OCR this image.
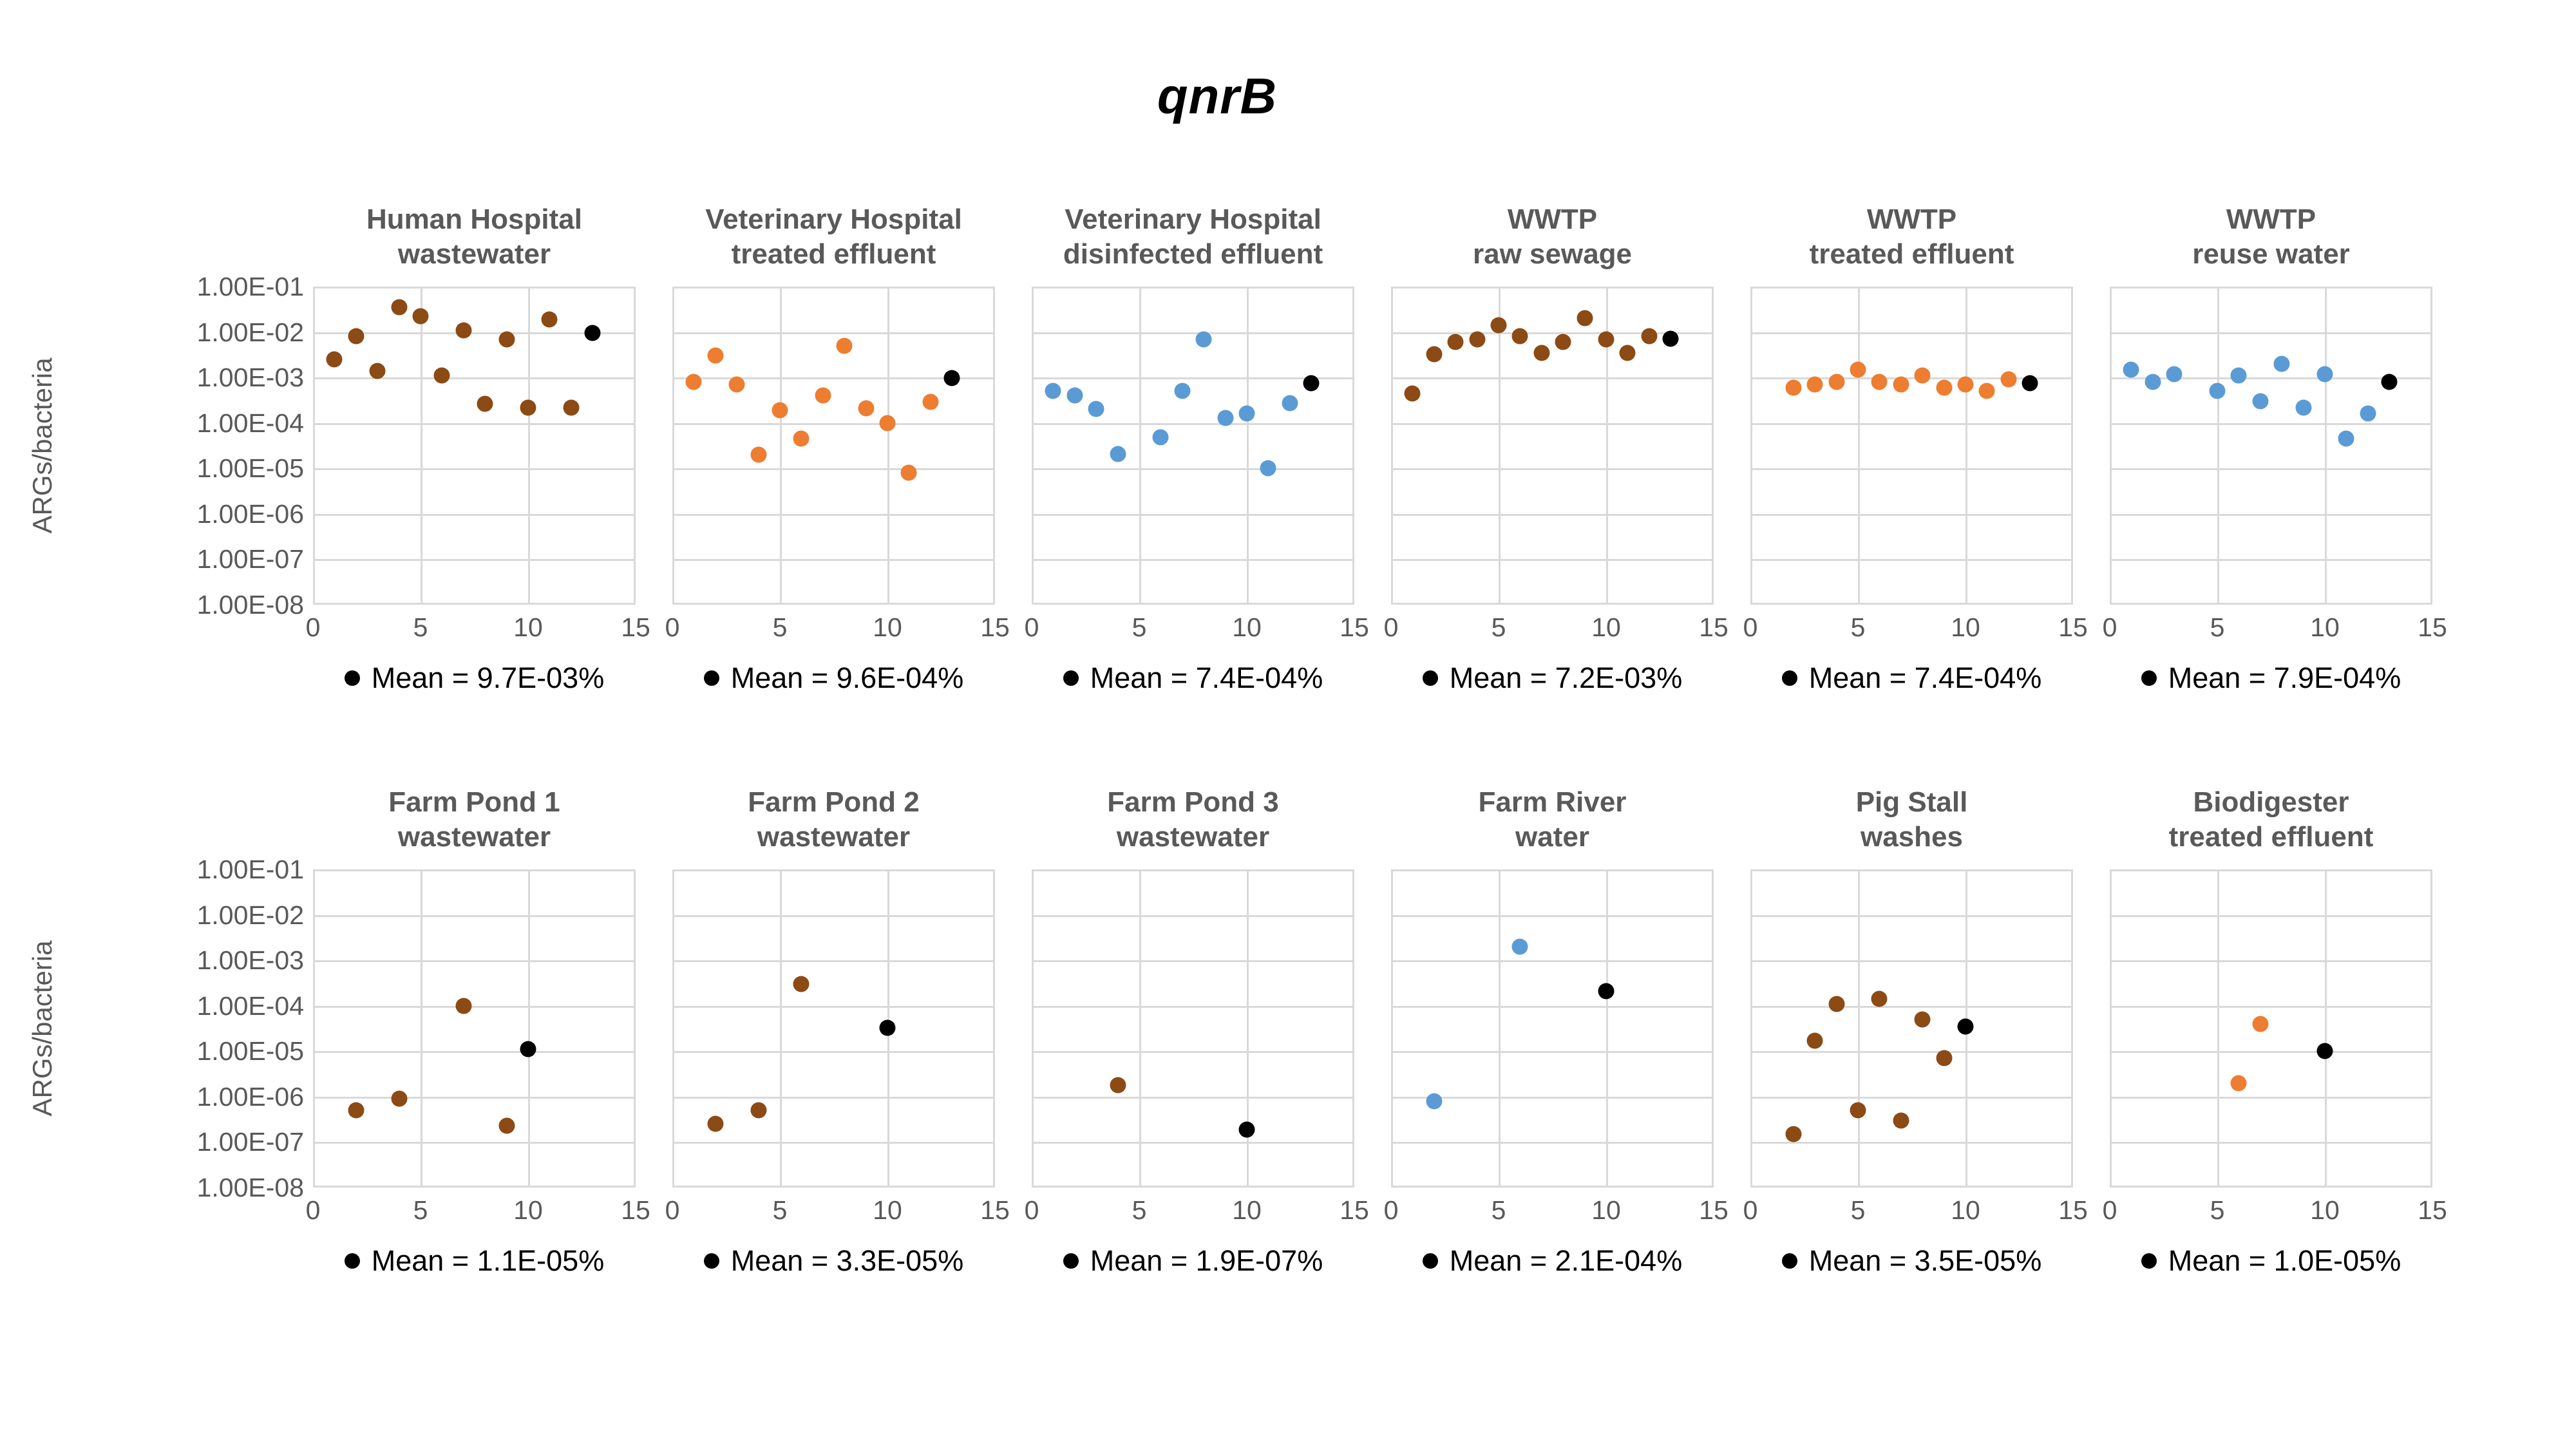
qnrB
ARGs/bacteria
1.00E-01
1.00E-02
1.00E-03
1.00E-04
1.00E-05
1.00E-06
1.00E-07
1.00E-08
Human Hospital
wastewater
0	5	10	15
Mean = 9.7E-03%
Veterinary Hospital
treated effluent
0	5	10	15
Mean = 9.6E-04%
Veterinary Hospital
disinfected effluent
0	5	10	15
Mean = 7.4E-04%
WWTP
raw sewage
0	5	10	15
Mean = 7.2E-03%
WWTP
treated effluent
0	5	10	15
Mean = 7.4E-04%
WWTP
reuse water
0	5	10	15
Mean = 7.9E-04%
ARGs/bacteria
1.00E-01
1.00E-02
1.00E-03
1.00E-04
1.00E-05
1.00E-06
1.00E-07
1.00E-08
Farm Pond 1
wastewater
0	5	10	15
Mean = 1.1E-05%
Farm Pond 2
wastewater
0	5	10	15
Mean = 3.3E-05%
Farm Pond 3
wastewater
0	5	10	15
Mean = 1.9E-07%
Farm River
water
0	5	10	15
Mean = 2.1E-04%
Pig Stall
washes
0	5	10	15
Mean = 3.5E-05%
Biodigester
treated effluent
0	5	10	15
Mean = 1.0E-05%
